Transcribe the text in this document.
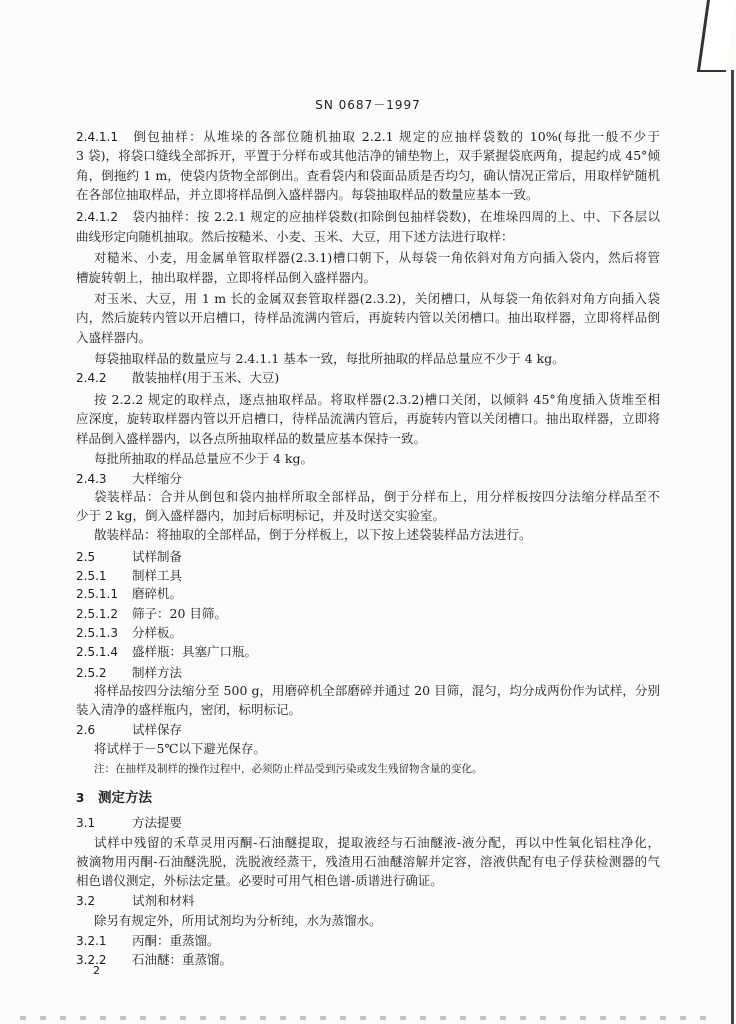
SN 0687－1997
2.4.1.1 倒包抽样：从堆垛的各部位随机抽取 2.2.1 规定的应抽样袋数的 10%(每批一般不少于
3 袋)，将袋口缝线全部拆开，平置于分样布或其他洁净的铺垫物上，双手紧握袋底两角，提起约成 45°倾
角，倒拖约 1 m，使袋内货物全部倒出。查看袋内和袋面品质是否均匀，确认情况正常后，用取样铲随机
在各部位抽取样品，并立即将样品倒入盛样器内。每袋抽取样品的数量应基本一致。
2.4.1.2 袋内抽样：按 2.2.1 规定的应抽样袋数(扣除倒包抽样袋数)，在堆垛四周的上、中、下各层以
曲线形定向随机抽取。然后按糙米、小麦、玉米、大豆，用下述方法进行取样：
对糙米、小麦，用金属单管取样器(2.3.1)槽口朝下，从每袋一角依斜对角方向插入袋内，然后将管
槽旋转朝上，抽出取样器，立即将样品倒入盛样器内。
对玉米、大豆，用 1 m 长的金属双套管取样器(2.3.2)，关闭槽口，从每袋一角依斜对角方向插入袋
内，然后旋转内管以开启槽口，待样品流满内管后，再旋转内管以关闭槽口。抽出取样器，立即将样品倒
入盛样器内。
每袋抽取样品的数量应与 2.4.1.1 基本一致，每批所抽取的样品总量应不少于 4 kg。
2.4.2 散装抽样(用于玉米、大豆)
按 2.2.2 规定的取样点，逐点抽取样品。将取样器(2.3.2)槽口关闭，以倾斜 45°角度插入货堆至相
应深度，旋转取样器内管以开启槽口，待样品流满内管后，再旋转内管以关闭槽口。抽出取样器，立即将
样品倒入盛样器内，以各点所抽取样品的数量应基本保持一致。
每批所抽取的样品总量应不少于 4 kg。
2.4.3 大样缩分
袋装样品：合并从倒包和袋内抽样所取全部样品，倒于分样布上，用分样板按四分法缩分样品至不
少于 2 kg，倒入盛样器内，加封后标明标记，并及时送交实验室。
散装样品：将抽取的全部样品，倒于分样板上，以下按上述袋装样品方法进行。
2.5	试样制备
2.5.1 制样工具
2.5.1.1 磨碎机。
2.5.1.2 筛子：20 目筛。
2.5.1.3 分样板。
2.5.1.4 盛样瓶：具塞广口瓶。
2.5.2 制样方法
将样品按四分法缩分至 500 g，用磨碎机全部磨碎并通过 20 目筛，混匀，均分成两份作为试样，分别
装入清净的盛样瓶内，密闭，标明标记。
2.6	试样保存
将试样于－5℃以下避光保存。
注：在抽样及制样的操作过程中，必须防止样品受到污染或发生残留物含量的变化。
3 测定方法
3.1	方法提要
试样中残留的禾草灵用丙酮-石油醚提取，提取液经与石油醚液-液分配，再以中性氧化铝柱净化，
被滴物用丙酮-石油醚洗脱，洗脱液经蒸干，残渣用石油醚溶解并定容，溶液供配有电子俘获检测器的气
相色谱仪测定，外标法定量。必要时可用气相色谱-质谱进行确证。
3.2	试剂和材料
除另有规定外，所用试剂均为分析纯，水为蒸馏水。
3.2.1 丙酮：重蒸馏。
3.2.2 石油醚：重蒸馏。
2
